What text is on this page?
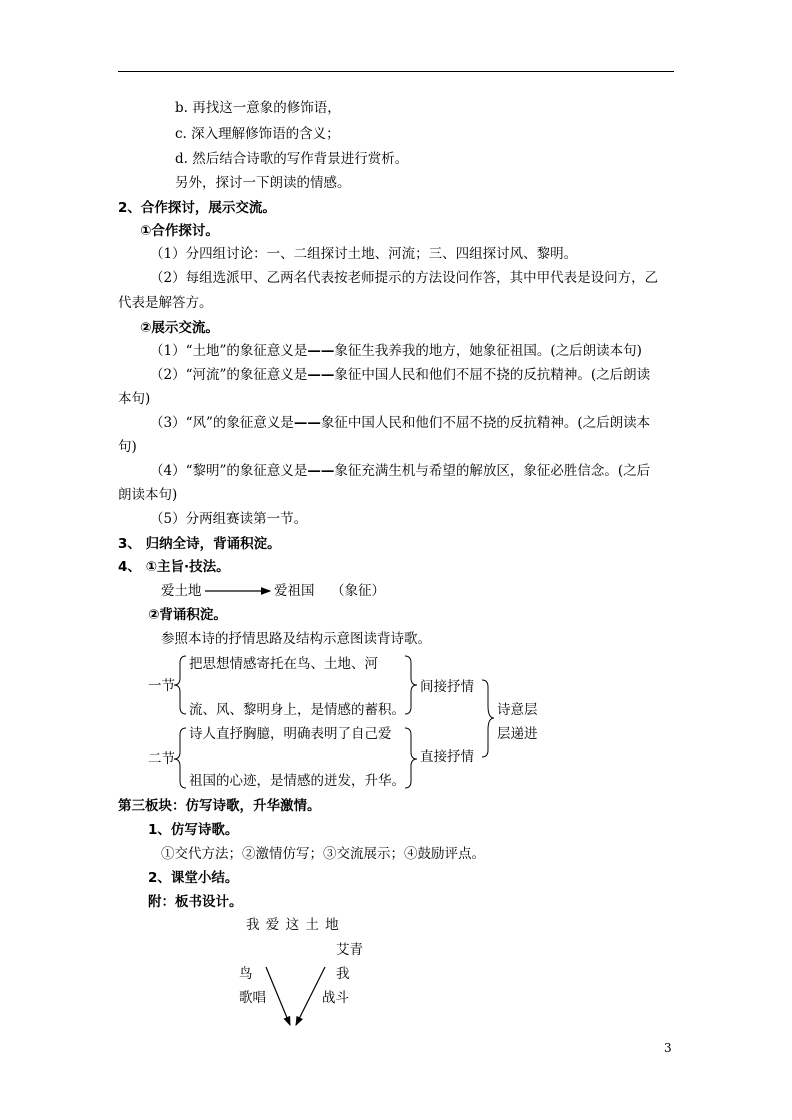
b. 再找这一意象的修饰语，
c. 深入理解修饰语的含义；
d. 然后结合诗歌的写作背景进行赏析。
另外，探讨一下朗读的情感。
2、合作探讨，展示交流。
①合作探讨。
（1）分四组讨论：一、二组探讨土地、河流；三、四组探讨风、黎明。
（2）每组选派甲、乙两名代表按老师提示的方法设问作答，其中甲代表是设问方，乙
代表是解答方。
②展示交流。
（1）“土地”的象征意义是——象征生我养我的地方，她象征祖国。(之后朗读本句)
（2）“河流”的象征意义是——象征中国人民和他们不屈不挠的反抗精神。(之后朗读
本句)
（3）“风”的象征意义是——象征中国人民和他们不屈不挠的反抗精神。(之后朗读本
句)
（4）“黎明”的象征意义是——象征充满生机与希望的解放区，象征必胜信念。(之后
朗读本句)
（5）分两组赛读第一节。
3、 归纳全诗，背诵积淀。
4、 ①主旨·技法。
爱土地	爱祖国 （象征）
②背诵积淀。
参照本诗的抒情思路及结构示意图读背诗歌。
一节
把思想情感寄托在鸟、土地、河
流、风、黎明身上，是情感的蓄积。
间接抒情
二节
诗人直抒胸臆，明确表明了自己爱
祖国的心迹，是情感的迸发，升华。
直接抒情
诗意层
层递进
第三板块：仿写诗歌，升华激情。
1、仿写诗歌。
①交代方法；②激情仿写；③交流展示；④鼓励评点。
2、课堂小结。
附：板书设计。
我 爱 这 土 地
艾青
鸟
歌唱
我
战斗
3
